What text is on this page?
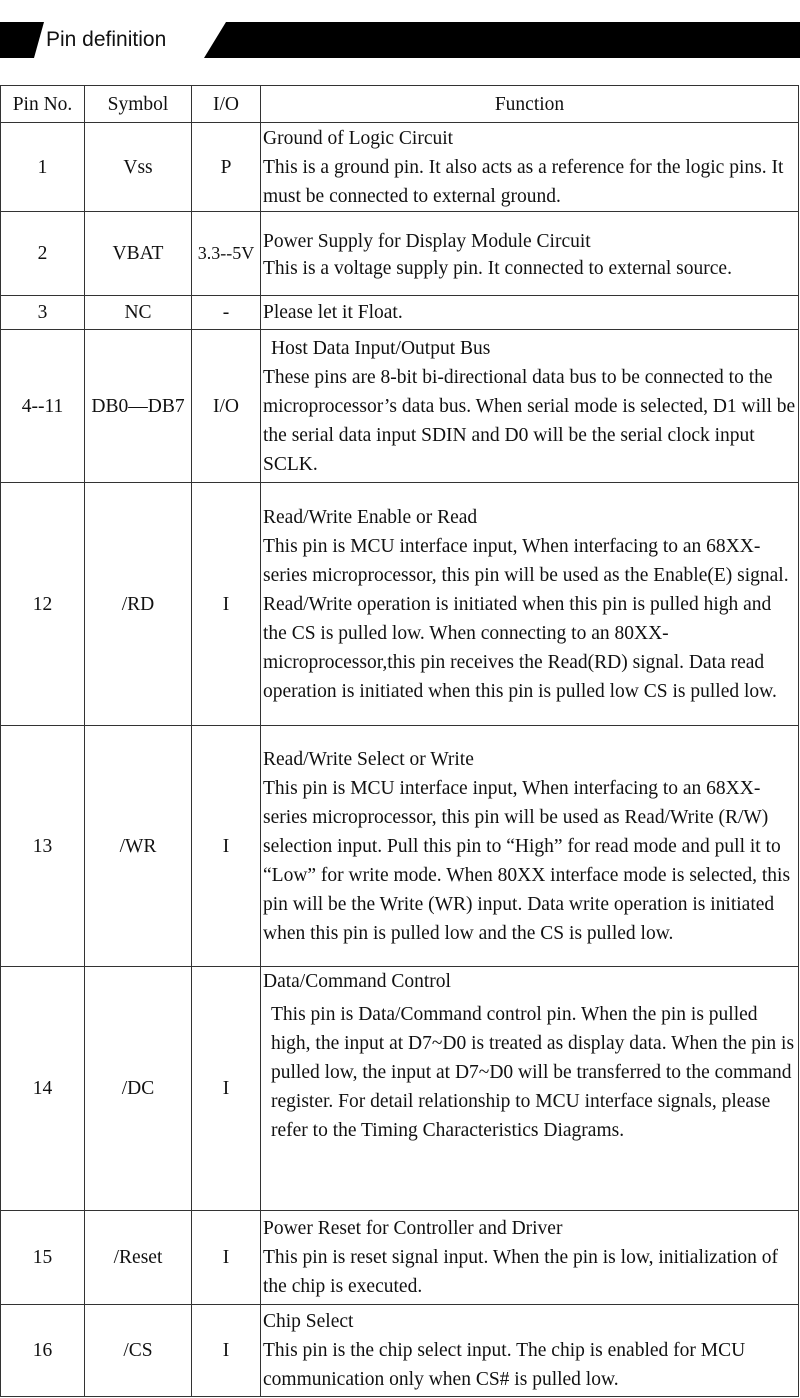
Pin definition
Pin No.	Symbol	I/O	Function
1	Vss	P	Ground of Logic Circuit
This is a ground pin. It also acts as a reference for the logic pins. It must be connected to external ground.

2	VBAT	3.3--5V	Power Supply for Display Module Circuit
This is a voltage supply pin. It connected to external source.

3	NC	-	Please let it Float.

4--11	DB0—DB7	I/O	Host Data Input/Output Bus
These pins are 8-bit bi-directional data bus to be connected to the microprocessor’s data bus. When serial mode is selected, D1 will be the serial data input SDIN and D0 will be the serial clock input SCLK.

12	/RD	I	Read/Write Enable or Read
This pin is MCU interface input, When interfacing to an 68XX-series microprocessor, this pin will be used as the Enable(E) signal. Read/Write operation is initiated when this pin is pulled high and the CS is pulled low. When connecting to an 80XX-microprocessor,this pin receives the Read(RD) signal. Data read operation is initiated when this pin is pulled low CS is pulled low.

13	/WR	I	Read/Write Select or Write
This pin is MCU interface input, When interfacing to an 68XX-series microprocessor, this pin will be used as Read/Write (R/W) selection input. Pull this pin to “High” for read mode and pull it to “Low” for write mode. When 80XX interface mode is selected, this pin will be the Write (WR) input. Data write operation is initiated when this pin is pulled low and the CS is pulled low.

14	/DC	I	Data/Command Control
This pin is Data/Command control pin. When the pin is pulled high, the input at D7~D0 is treated as display data. When the pin is pulled low, the input at D7~D0 will be transferred to the command register. For detail relationship to MCU interface signals, please refer to the Timing Characteristics Diagrams.

15	/Reset	I	Power Reset for Controller and Driver
This pin is reset signal input. When the pin is low, initialization of the chip is executed.

16	/CS	I	Chip Select
This pin is the chip select input. The chip is enabled for MCU communication only when CS# is pulled low.
